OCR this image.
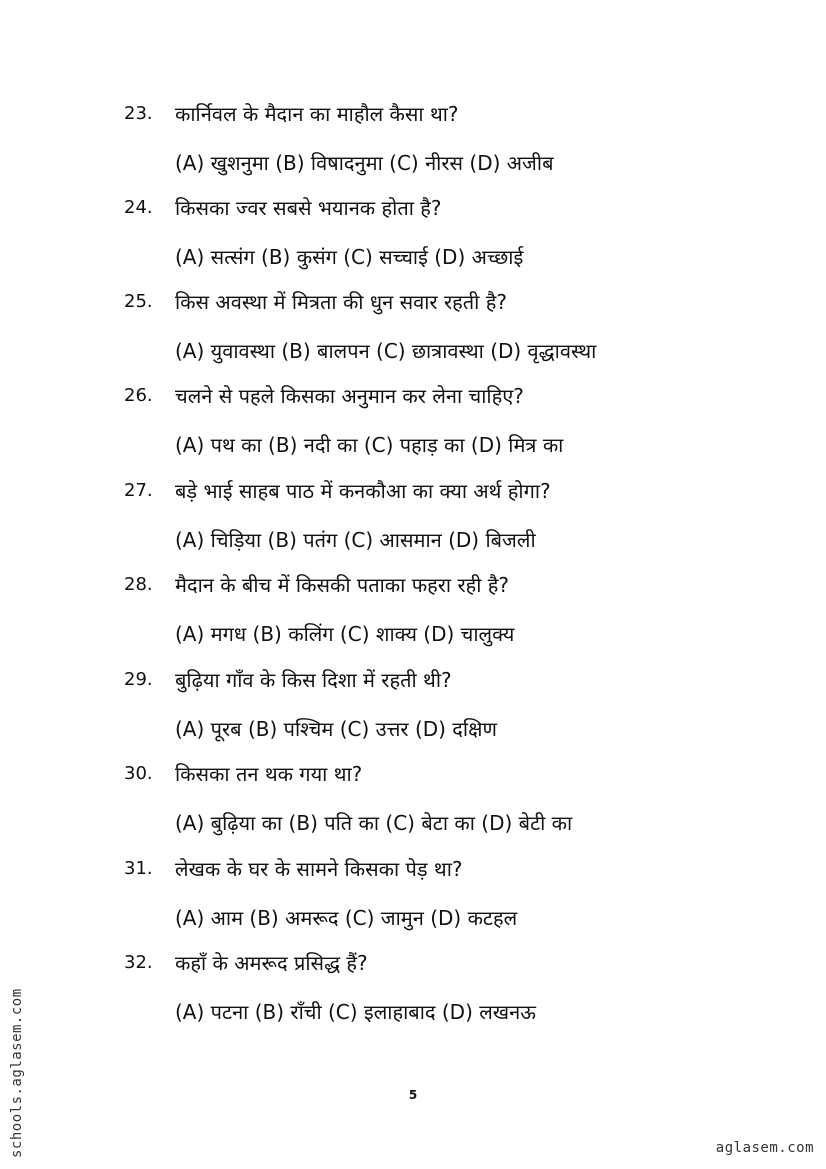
23. कार्निवल के मैदान का माहौल कैसा था?
(A) खुशनुमा (B) विषादनुमा (C) नीरस (D) अजीब
24. किसका ज्वर सबसे भयानक होता है?
(A) सत्संग (B) कुसंग (C) सच्चाई (D) अच्छाई
25. किस अवस्था में मित्रता की धुन सवार रहती है?
(A) युवावस्था (B) बालपन (C) छात्रावस्था (D) वृद्धावस्था
26. चलने से पहले किसका अनुमान कर लेना चाहिए?
(A) पथ का (B) नदी का (C) पहाड़ का (D) मित्र का
27. बड़े भाई साहब पाठ में कनकौआ का क्या अर्थ होगा?
(A) चिड़िया (B) पतंग (C) आसमान (D) बिजली
28. मैदान के बीच में किसकी पताका फहरा रही है?
(A) मगध (B) कलिंग (C) शाक्य (D) चालुक्य
29. बुढ़िया गाँव के किस दिशा में रहती थी?
(A) पूरब (B) पश्चिम (C) उत्तर (D) दक्षिण
30. किसका तन थक गया था?
(A) बुढ़िया का (B) पति का (C) बेटा का (D) बेटी का
31. लेखक के घर के सामने किसका पेड़ था?
(A) आम (B) अमरूद (C) जामुन (D) कटहल
32. कहाँ के अमरूद प्रसिद्ध हैं?
(A) पटना (B) राँची (C) इलाहाबाद (D) लखनऊ
5
schools.aglasem.com	aglasem.com
